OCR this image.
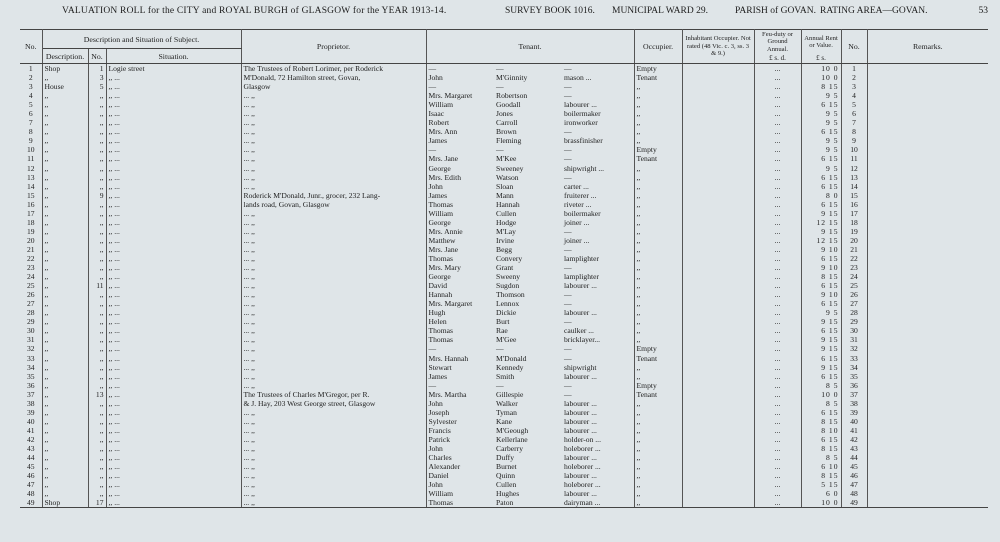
VALUATION ROLL for the CITY and ROYAL BURGH of GLASGOW for the YEAR 1913-14.	SURVEY BOOK 1016. MUNICIPAL WARD 29.	PARISH of GOVAN. RATING AREA—GOVAN.	53
No.	Description and Situation of Subject.			Proprietor.	Tenant.			Occupier.	Inhabitant Occupier. Not rated (48 Vic. c. 3, ss. 3 & 9.)	Feu-duty or Ground Annual.	Annual Rent or Value.	No.	Remarks.
	Description.	No.	Situation.										
										£ s. d.	£ s.		
1	Shop	1	Logie street	The Trustees of Robert Lorimer, per Roderick	—	—	—	Empty		...	10 0	1	
2	,,	3	,, ...	M'Donald, 72 Hamilton street, Govan,	John	M'Ginnity	mason ...	Tenant		...	10 0	2	
3	House	5	,, ...	Glasgow	—	—	—	,,		...	8 15	3	
4	,,	,,	,, ...	... ,,	Mrs. Margaret	Robertson	—	,,		...	9 5	4	
5	,,	,,	,, ...	... ,,	William	Goodall	labourer ...	,,		...	6 15	5	
6	,,	,,	,, ...	... ,,	Isaac	Jones	boilermaker	,,		...	9 5	6	
7	,,	,,	,, ...	... ,,	Robert	Carroll	ironworker	,,		...	9 5	7	
8	,,	,,	,, ...	... ,,	Mrs. Ann	Brown	—	,,		...	6 15	8	
9	,,	,,	,, ...	... ,,	James	Fleming	brassfinisher	,,		...	9 5	9	
10	,,	,,	,, ...	... ,,	—	—	—	Empty		...	9 5	10	
11	,,	,,	,, ...	... ,,	Mrs. Jane	M'Kee	—	Tenant		...	6 15	11	
12	,,	,,	,, ...	... ,,	George	Sweeney	shipwright ...	,,		...	9 5	12	
13	,,	,,	,, ...	... ,,	Mrs. Edith	Watson	—	,,		...	6 15	13	
14	,,	,,	,, ...	... ,,	John	Sloan	carter ...	,,		...	6 15	14	
15	,,	9	,, ...	Roderick M'Donald, Junr., grocer, 232 Lang-	James	Mann	fruiterer ...	,,		...	8 0	15	
16	,,	,,	,, ...	lands road, Govan, Glasgow	Thomas	Hannah	riveter ...	,,		...	6 15	16	
17	,,	,,	,, ...	... ,,	William	Cullen	boilermaker	,,		...	9 15	17	
18	,,	,,	,, ...	... ,,	George	Hodge	joiner ...	,,		...	12 15	18	
19	,,	,,	,, ...	... ,,	Mrs. Annie	M'Lay	—	,,		...	9 15	19	
20	,,	,,	,, ...	... ,,	Matthew	Irvine	joiner ...	,,		...	12 15	20	
21	,,	,,	,, ...	... ,,	Mrs. Jane	Begg	—	,,		...	9 10	21	
22	,,	,,	,, ...	... ,,	Thomas	Convery	lamplighter	,,		...	6 15	22	
23	,,	,,	,, ...	... ,,	Mrs. Mary	Grant	—	,,		...	9 10	23	
24	,,	,,	,, ...	... ,,	George	Sweeny	lamplighter	,,		...	8 15	24	
25	,,	11	,, ...	... ,,	David	Sugdon	labourer ...	,,		...	6 15	25	
26	,,	,,	,, ...	... ,,	Hannah	Thomson	—	,,		...	9 10	26	
27	,,	,,	,, ...	... ,,	Mrs. Margaret	Lennox	—	,,		...	6 15	27	
28	,,	,,	,, ...	... ,,	Hugh	Dickie	labourer ...	,,		...	9 5	28	
29	,,	,,	,, ...	... ,,	Helen	Burt	—	,,		...	9 15	29	
30	,,	,,	,, ...	... ,,	Thomas	Rae	caulker ...	,,		...	6 15	30	
31	,,	,,	,, ...	... ,,	Thomas	M'Gee	bricklayer...	,,		...	9 15	31	
32	,,	,,	,, ...	... ,,	—	—	—	Empty		...	9 15	32	
33	,,	,,	,, ...	... ,,	Mrs. Hannah	M'Donald	—	Tenant		...	6 15	33	
34	,,	,,	,, ...	... ,,	Stewart	Kennedy	shipwright	,,		...	9 15	34	
35	,,	,,	,, ...	... ,,	James	Smith	labourer ...	,,		...	6 15	35	
36	,,	,,	,, ...	... ,,	—	—	—	Empty		...	8 5	36	
37	,,	13	,, ...	The Trustees of Charles M'Gregor, per R.	Mrs. Martha	Gillespie	—	Tenant		...	10 0	37	
38	,,	,,	,, ...	& J. Hay, 203 West George street, Glasgow	John	Walker	labourer ...	,,		...	8 5	38	
39	,,	,,	,, ...	... ,,	Joseph	Tyman	labourer ...	,,		...	6 15	39	
40	,,	,,	,, ...	... ,,	Sylvester	Kane	labourer ...	,,		...	8 15	40	
41	,,	,,	,, ...	... ,,	Francis	M'Geough	labourer ...	,,		...	8 10	41	
42	,,	,,	,, ...	... ,,	Patrick	Kellerlane	holder-on ...	,,		...	6 15	42	
43	,,	,,	,, ...	... ,,	John	Carberry	holeborer ...	,,		...	8 15	43	
44	,,	,,	,, ...	... ,,	Charles	Duffy	labourer ...	,,		...	8 5	44	
45	,,	,,	,, ...	... ,,	Alexander	Burnet	holeborer ...	,,		...	6 10	45	
46	,,	,,	,, ...	... ,,	Daniel	Quinn	labourer ...	,,		...	8 15	46	
47	,,	,,	,, ...	... ,,	John	Cullen	holeborer ...	,,		...	5 15	47	
48	,,	,,	,, ...	... ,,	William	Hughes	labourer ...	,,		...	6 0	48	
49	Shop	17	,, ...	... ,,	Thomas	Paton	dairyman ...	,,		...	10 0	49	
